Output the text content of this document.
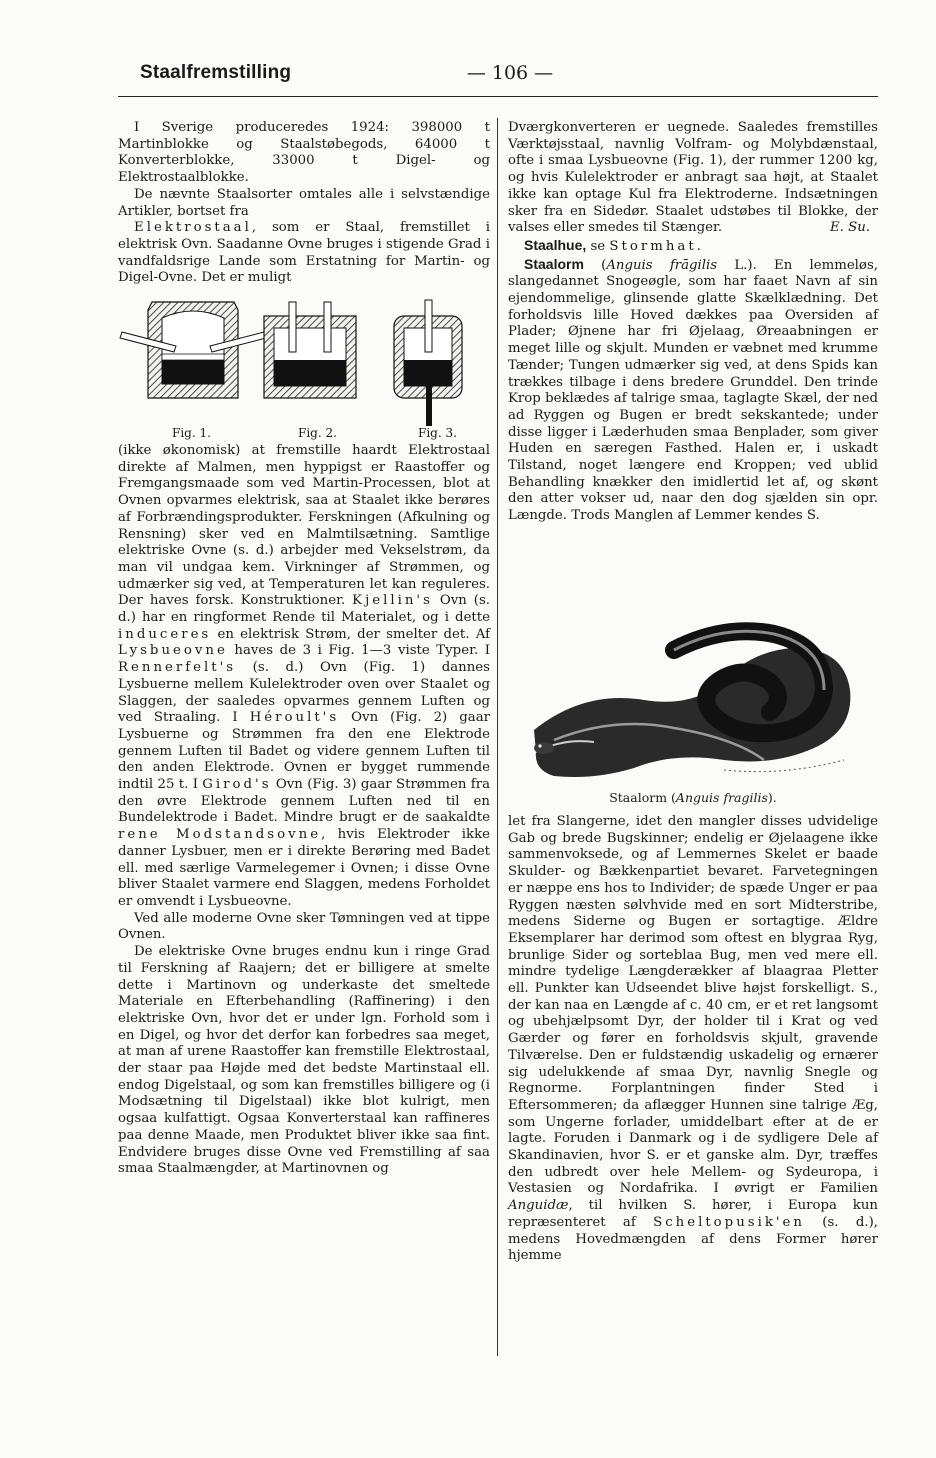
Staalfremstilling	— 106 —

I Sverige produceredes 1924: 398000 t Martinblokke og Staalstøbegods, 64000 t Konverterblokke, 33000 t Digel- og Elektrostaalblokke.

De nævnte Staalsorter omtales alle i selvstændige Artikler, bortset fra

Elektrostaal, som er Staal, fremstillet i elektrisk Ovn. Saadanne Ovne bruges i stigende Grad i vandfaldsrige Lande som Erstatning for Martin- og Digel-Ovne. Det er muligt

Fig. 1.	Fig. 2.	Fig. 3.

(ikke økonomisk) at fremstille haardt Elektrostaal direkte af Malmen, men hyppigst er Raastoffer og Fremgangsmaade som ved Martin-Processen, blot at Ovnen opvarmes elektrisk, saa at Staalet ikke berøres af Forbrændingsprodukter. Ferskningen (Afkulning og Rensning) sker ved en Malmtilsætning. Samtlige elektriske Ovne (s. d.) arbejder med Vekselstrøm, da man vil undgaa kem. Virkninger af Strømmen, og udmærker sig ved, at Temperaturen let kan reguleres. Der haves forsk. Konstruktioner. Kjellin's Ovn (s. d.) har en ringformet Rende til Materialet, og i dette induceres en elektrisk Strøm, der smelter det. Af Lysbueovne haves de 3 i Fig. 1—3 viste Typer. I Rennerfelt's (s. d.) Ovn (Fig. 1) dannes Lysbuerne mellem Kulelektroder oven over Staalet og Slaggen, der saaledes opvarmes gennem Luften og ved Straaling. I Héroult's Ovn (Fig. 2) gaar Lysbuerne og Strømmen fra den ene Elektrode gennem Luften til Badet og videre gennem Luften til den anden Elektrode. Ovnen er bygget rummende indtil 25 t. I Girod's Ovn (Fig. 3) gaar Strømmen fra den øvre Elektrode gennem Luften ned til en Bundelektrode i Badet. Mindre brugt er de saakaldte rene Modstandsovne, hvis Elektroder ikke danner Lysbuer, men er i direkte Berøring med Badet ell. med særlige Varmelegemer i Ovnen; i disse Ovne bliver Staalet varmere end Slaggen, medens Forholdet er omvendt i Lysbueovne.

Ved alle moderne Ovne sker Tømningen ved at tippe Ovnen.

De elektriske Ovne bruges endnu kun i ringe Grad til Ferskning af Raajern; det er billigere at smelte dette i Martinovn og underkaste det smeltede Materiale en Efterbehandling (Raffinering) i den elektriske Ovn, hvor det er under lgn. Forhold som i en Digel, og hvor det derfor kan forbedres saa meget, at man af urene Raastoffer kan fremstille Elektrostaal, der staar paa Højde med det bedste Martinstaal ell. endog Digelstaal, og som kan fremstilles billigere og (i Modsætning til Digelstaal) ikke blot kulrigt, men ogsaa kulfattigt. Ogsaa Konverterstaal kan raffineres paa denne Maade, men Produktet bliver ikke saa fint. Endvidere bruges disse Ovne ved Fremstilling af saa smaa Staalmængder, at Martinovnen og

Dværgkonverteren er uegnede. Saaledes fremstilles Værktøjsstaal, navnlig Volfram- og Molybdænstaal, ofte i smaa Lysbueovne (Fig. 1), der rummer 1200 kg, og hvis Kulelektroder er anbragt saa højt, at Staalet ikke kan optage Kul fra Elektroderne. Indsætningen sker fra en Sidedør. Staalet udstøbes til Blokke, der valses eller smedes til Stænger.	E. Su.

Staalhue, se Stormhat.

Staalorm (Anguis frāgilis L.). En lemmeløs, slangedannet Snogeøgle, som har faaet Navn af sin ejendommelige, glinsende glatte Skælklædning. Det forholdsvis lille Hoved dækkes paa Oversiden af Plader; Øjnene har fri Øjelaag, Øreaabningen er meget lille og skjult. Munden er væbnet med krumme Tænder; Tungen udmærker sig ved, at dens Spids kan trækkes tilbage i dens bredere Grunddel. Den trinde Krop beklædes af talrige smaa, taglagte Skæl, der ned ad Ryggen og Bugen er bredt sekskantede; under disse ligger i Læderhuden smaa Benplader, som giver Huden en særegen Fasthed. Halen er, i uskadt Tilstand, noget længere end Kroppen; ved ublid Behandling knækker den imidlertid let af, og skønt den atter vokser ud, naar den dog sjælden sin opr. Længde. Trods Manglen af Lemmer kendes S.

Staalorm (Anguis fragilis).

let fra Slangerne, idet den mangler disses udvidelige Gab og brede Bugskinner; endelig er Øjelaagene ikke sammenvoksede, og af Lemmernes Skelet er baade Skulder- og Bækkenpartiet bevaret. Farvetegningen er næppe ens hos to Individer; de spæde Unger er paa Ryggen næsten sølvhvide med en sort Midterstribe, medens Siderne og Bugen er sortagtige. Ældre Eksemplarer har derimod som oftest en blygraa Ryg, brunlige Sider og sorteblaa Bug, men ved mere ell. mindre tydelige Længderækker af blaagraa Pletter ell. Punkter kan Udseendet blive højst forskelligt. S., der kan naa en Længde af c. 40 cm, er et ret langsomt og ubehjælpsomt Dyr, der holder til i Krat og ved Gærder og fører en forholdsvis skjult, gravende Tilværelse. Den er fuldstændig uskadelig og ernærer sig udelukkende af smaa Dyr, navnlig Snegle og Regnorme. Forplantningen finder Sted i Eftersommeren; da aflægger Hunnen sine talrige Æg, som Ungerne forlader, umiddelbart efter at de er lagte. Foruden i Danmark og i de sydligere Dele af Skandinavien, hvor S. er et ganske alm. Dyr, træffes den udbredt over hele Mellem- og Sydeuropa, i Vestasien og Nordafrika. I øvrigt er Familien Anguidæ, til hvilken S. hører, i Europa kun repræsenteret af Scheltopusik'en (s. d.), medens Hovedmængden af dens Former hører hjemme
